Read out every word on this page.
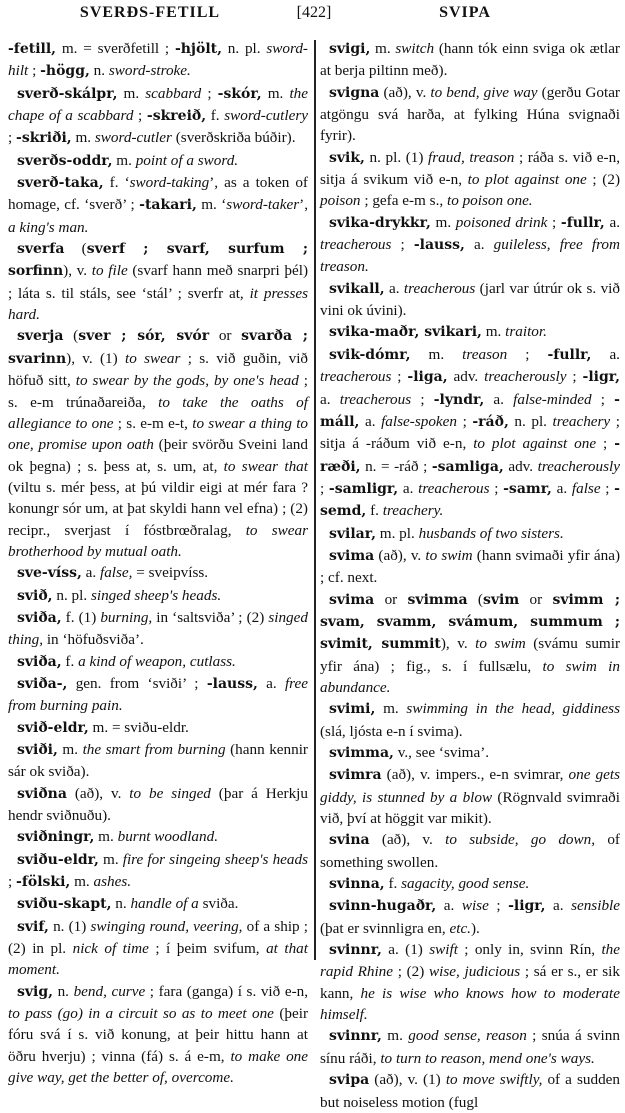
SVERÐS-FETILL	[422]	SVIPA

-fetill, m. = sverðfetill ; -hjölt, n. pl. sword-hilt ; -högg, n. sword-stroke.

sverð-skálpr, m. scabbard ; -skór, m. the chape of a scabbard ; -skreið, f. sword-cutlery ; -skriði, m. sword-cutler (sverðskriða búðir).

sverðs-oddr, m. point of a sword.

sverð-taka, f. ‘sword-taking’, as a token of homage, cf. ‘sverð’ ; -takari, m. ‘sword-taker’, a king's man.

sverfa (sverf ; svarf, surfum ; sorfinn), v. to file (svarf hann með snarpri þél) ; láta s. til stáls, see ‘stál’ ; sverfr at, it presses hard.

sverja (sver ; sór, svór or svarða ; svarinn), v. (1) to swear ; s. við guðin, við höfuð sitt, to swear by the gods, by one's head ; s. e-m trúnaðareiða, to take the oaths of allegiance to one ; s. e-m e-t, to swear a thing to one, promise upon oath (þeir svörðu Sveini land ok þegna) ; s. þess at, s. um, at, to swear that (viltu s. mér þess, at þú vildir eigi at mér fara ? konungr sór um, at þat skyldi hann vel efna) ; (2) recipr., sverjast í fóstbrœðralag, to swear brotherhood by mutual oath.

sve-víss, a. false, = sveipvíss.

svið, n. pl. singed sheep's heads.

sviða, f. (1) burning, in ‘saltsviða’ ; (2) singed thing, in ‘höfuðsviða’.

sviða, f. a kind of weapon, cutlass.

sviða-, gen. from ‘sviði’ ; -lauss, a. free from burning pain.

svið-eldr, m. = sviðu-eldr.

sviði, m. the smart from burning (hann kennir sár ok sviða).

sviðna (að), v. to be singed (þar á Herkju hendr sviðnuðu).

sviðningr, m. burnt woodland.

sviðu-eldr, m. fire for singeing sheep's heads ; -fölski, m. ashes.

sviðu-skapt, n. handle of a sviða.

svif, n. (1) swinging round, veering, of a ship ; (2) in pl. nick of time ; í þeim svifum, at that moment.

svig, n. bend, curve ; fara (ganga) í s. við e-n, to pass (go) in a circuit so as to meet one (þeir fóru svá í s. við konung, at þeir hittu hann at öðru hverju) ; vinna (fá) s. á e-m, to make one give way, get the better of, overcome.

svigi, m. switch (hann tók einn sviga ok ætlar at berja piltinn með).

svigna (að), v. to bend, give way (gerðu Gotar atgöngu svá harða, at fylking Húna svignaði fyrir).

svik, n. pl. (1) fraud, treason ; ráða s. við e-n, sitja á svikum við e-n, to plot against one ; (2) poison ; gefa e-m s., to poison one.

svika-drykkr, m. poisoned drink ; -fullr, a. treacherous ; -lauss, a. guileless, free from treason.

svikall, a. treacherous (jarl var útrúr ok s. við vini ok úvini).

svika-maðr, svikari, m. traitor.

svik-dómr, m. treason ; -fullr, a. treacherous ; -liga, adv. treacherously ; -ligr, a. treacherous ; -lyndr, a. false-minded ; -máll, a. false-spoken ; -ráð, n. pl. treachery ; sitja á -ráðum við e-n, to plot against one ; -ræði, n. = -ráð ; -samliga, adv. treacherously ; -samligr, a. treacherous ; -samr, a. false ; -semd, f. treachery.

svilar, m. pl. husbands of two sisters.

svima (að), v. to swim (hann svimaði yfir ána) ; cf. next.

svima or svimma (svim or svimm ; svam, svamm, svámum, summum ; svimit, summit), v. to swim (svámu sumir yfir ána) ; fig., s. í fullsælu, to swim in abundance.

svimi, m. swimming in the head, giddiness (slá, ljósta e-n í svima).

svimma, v., see ‘svima’.

svimra (að), v. impers., e-n svimrar, one gets giddy, is stunned by a blow (Rögnvald svimraði við, því at höggit var mikit).

svina (að), v. to subside, go down, of something swollen.

svinna, f. sagacity, good sense.

svinn-hugaðr, a. wise ; -ligr, a. sensible (þat er svinnligra en, etc.).

svinnr, a. (1) swift ; only in, svinn Rín, the rapid Rhine ; (2) wise, judicious ; sá er s., er sik kann, he is wise who knows how to moderate himself.

svinnr, m. good sense, reason ; snúa á svinn sínu ráði, to turn to reason, mend one's ways.

svipa (að), v. (1) to move swiftly, of a sudden but noiseless motion (fugl
